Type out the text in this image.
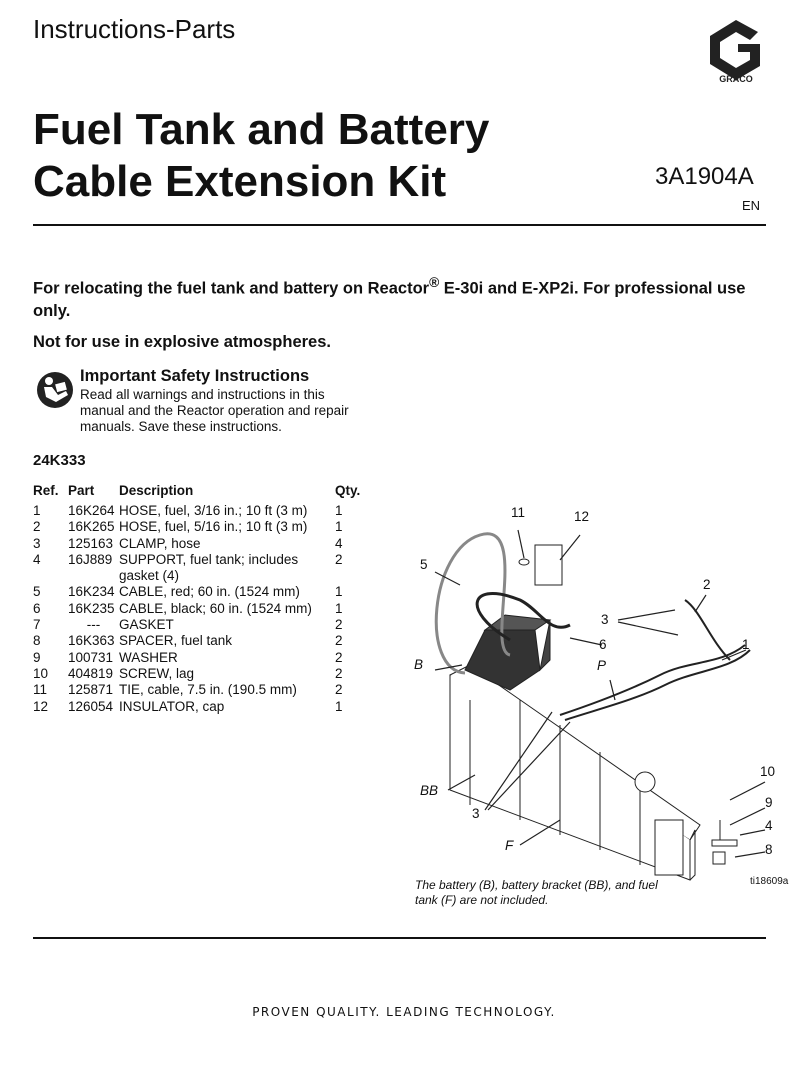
Instructions-Parts
GRACO
Fuel Tank and Battery
Cable Extension Kit	3A1904A
EN

For relocating the fuel tank and battery on Reactor® E-30i and E-XP2i. For professional use only.

Not for use in explosive atmospheres.

Important Safety Instructions
Read all warnings and instructions in this manual and the Reactor operation and repair manuals. Save these instructions.
24K333
Ref.	Part	Description	Qty.
1	16K264	HOSE, fuel, 3/16 in.; 10 ft (3 m)	1
2	16K265	HOSE, fuel, 5/16 in.; 10 ft (3 m)	1
3	125163	CLAMP, hose	4
4	16J889	SUPPORT, fuel tank; includes gasket (4)	2
5	16K234	CABLE, red; 60 in. (1524 mm)	1
6	16K235	CABLE, black; 60 in. (1524 mm)	1
7	---	GASKET	2
8	16K363	SPACER, fuel tank	2
9	100731	WASHER	2
10	404819	SCREW, lag	2
11	125871	TIE, cable, 7.5 in. (190.5 mm)	2
12	126054	INSULATOR, cap	1
11	12
5
2
3
6	1
B	P
BB
3
10
9
4
F	8
ti18609a
The battery (B), battery bracket (BB), and fuel tank (F) are not included.
PROVEN QUALITY. LEADING TECHNOLOGY.
